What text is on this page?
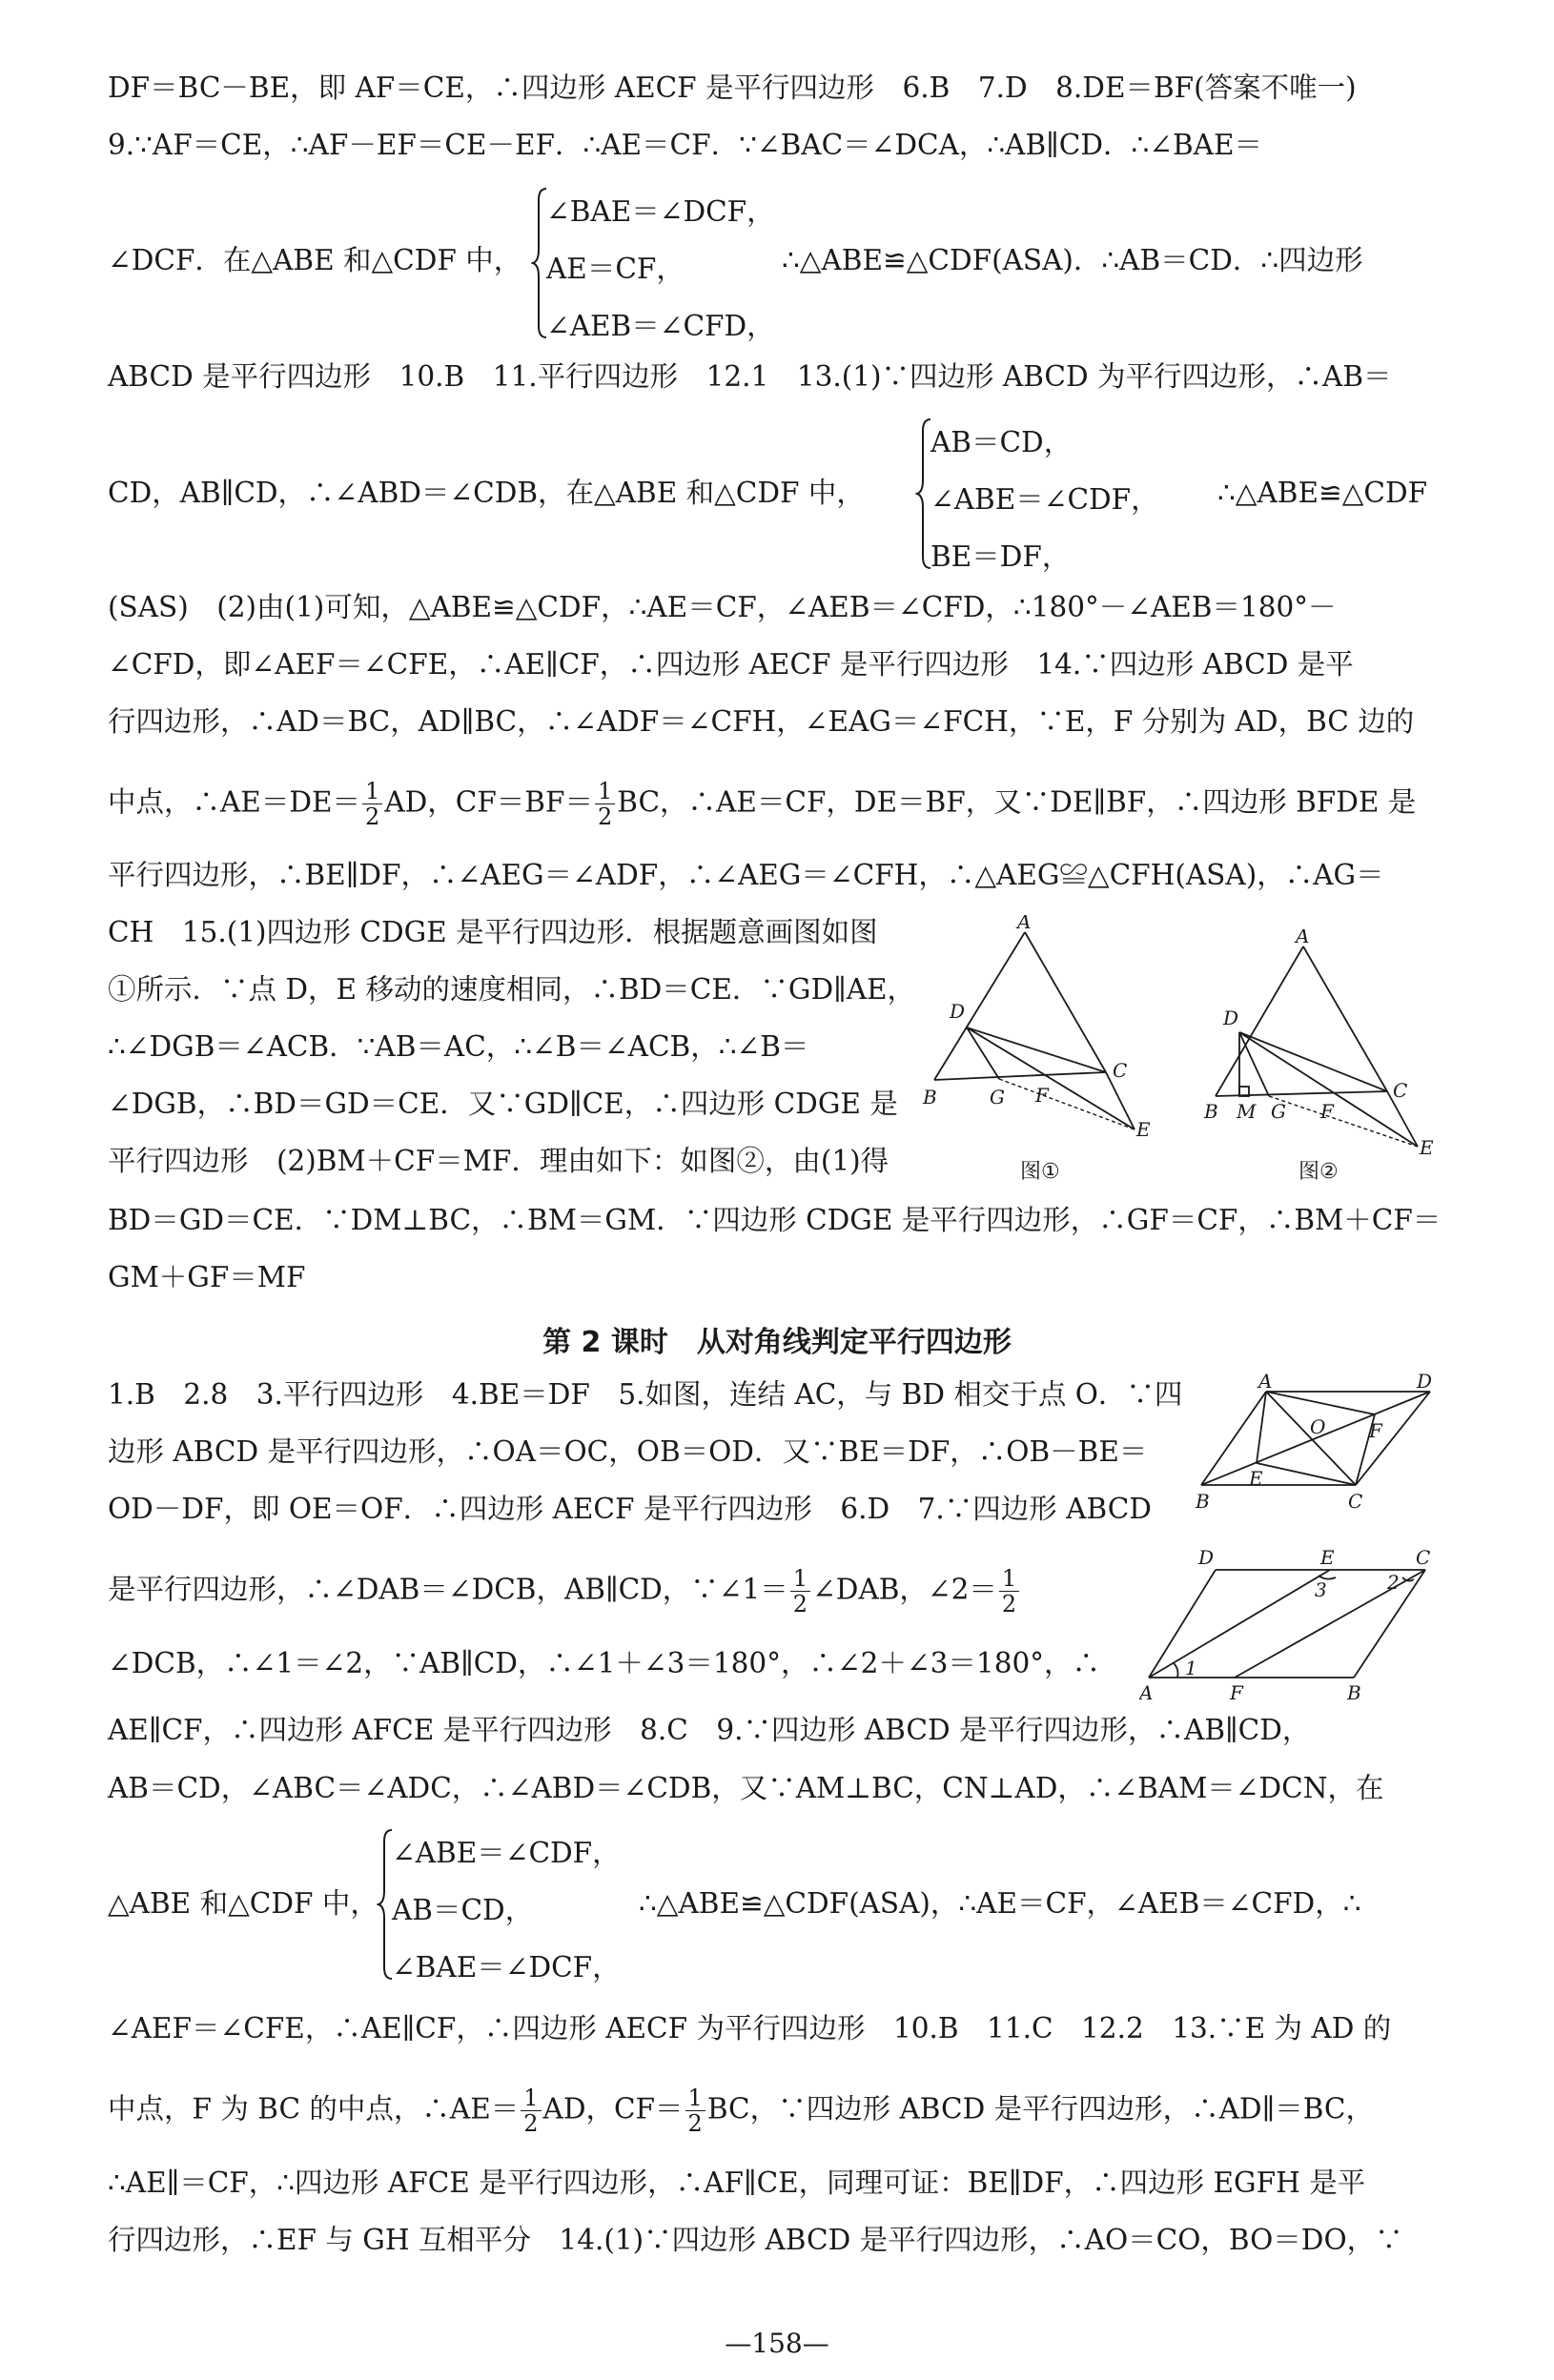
DF＝BC－BE，即 AF＝CE，∴四边形 AECF 是平行四边形　6.B　7.D　8.DE＝BF(答案不唯一)
9.∵AF＝CE，∴AF－EF＝CE－EF．∴AE＝CF．∵∠BAC＝∠DCA，∴AB∥CD．∴∠BAE＝
∠DCF．在△ABE 和△CDF 中，
∠BAE＝∠DCF，
AE＝CF，
∠AEB＝∠CFD，
∴△ABE≌△CDF(ASA)．∴AB＝CD．∴四边形
ABCD 是平行四边形　10.B　11.平行四边形　12.1　13.(1)∵四边形 ABCD 为平行四边形，∴AB＝
CD，AB∥CD，∴∠ABD＝∠CDB，在△ABE 和△CDF 中，
AB＝CD，
∠ABE＝∠CDF，
BE＝DF，
∴△ABE≌△CDF
(SAS)　(2)由(1)可知，△ABE≌△CDF，∴AE＝CF，∠AEB＝∠CFD，∴180°－∠AEB＝180°－
∠CFD，即∠AEF＝∠CFE，∴AE∥CF，∴四边形 AECF 是平行四边形　14.∵四边形 ABCD 是平
行四边形，∴AD＝BC，AD∥BC，∴∠ADF＝∠CFH，∠EAG＝∠FCH，∵E，F 分别为 AD，BC 边的
中点，∴AE＝DE＝ $\frac{1}{2}$ AD，$CF=BF= \frac{1}{2}$ BC，∴AE＝CF，DE＝BF，又∵DE∥BF，∴四边形 BFDE 是
平行四边形，∴BE∥DF，∴∠AEG＝∠ADF，∴∠AEG＝∠CFH，∴△AEG≌△CFH(ASA)，∴AG＝
CH　15.(1)四边形 CDGE 是平行四边形．根据题意画图如图
①所示．∵点 D，E 移动的速度相同，∴BD＝CE．∵GD∥AE，
∴∠DGB＝∠ACB．∵AB＝AC，∴∠B＝∠ACB，∴∠B＝
∠DGB，∴BD＝GD＝CE．又∵GD∥CE，∴四边形 CDGE 是
平行四边形　(2)BM＋CF＝MF．理由如下：如图②，由(1)得
BD＝GD＝CE．∵DM⊥BC，∴BM＝GM．∵四边形 CDGE 是平行四边形，∴GF＝CF，∴BM＋CF＝
GM＋GF＝MF
A
D
C
B	G F
E
图①
A
D
C
B M G F
E
图②
第 2 课时　从对角线判定平行四边形
1.B　2.8　3.平行四边形　4.BE＝DF　5.如图，连结 AC，与 BD 相交于点 O．∵四
边形 ABCD 是平行四边形，∴OA＝OC，OB＝OD．又∵BE＝DF，∴OB－BE＝
OD－DF，即 OE＝OF．∴四边形 AECF 是平行四边形　6.D　7.∵四边形 ABCD
A	D
O F
E
B	C
是平行四边形，∴∠DAB＝∠DCB，AB∥CD，∵∠1＝ $\frac{1}{2}$ ∠DAB，∠2＝ $\frac{1}{2}$
D	E	C
3	2
A	F	B
1
∠DCB，∴∠1＝∠2，∵AB∥CD，∴∠1＋∠3＝180°，∴∠2＋∠3＝180°，∴
AE∥CF，∴四边形 AFCE 是平行四边形　8.C　9.∵四边形 ABCD 是平行四边形，∴AB∥CD，
AB＝CD，∠ABC＝∠ADC，∴∠ABD＝∠CDB，又∵AM⊥BC，CN⊥AD，∴∠BAM＝∠DCN，在
△ABE 和△CDF 中，
∠ABE＝∠CDF，
AB＝CD，
∠BAE＝∠DCF，
∴△ABE≌△CDF(ASA)，∴AE＝CF，∠AEB＝∠CFD，∴
∠AEF＝∠CFE，∴AE∥CF，∴四边形 AECF 为平行四边形　10.B　11.C　12.2　13.∵E 为 AD 的
中点，F 为 BC 的中点，∴AE＝ $\frac{1}{2}$ AD，$CF= \frac{1}{2}$ BC，∵四边形 ABCD 是平行四边形，∴AD∥＝BC，
∴AE∥＝CF，∴四边形 AFCE 是平行四边形，∴AF∥CE，同理可证：BE∥DF，∴四边形 EGFH 是平
行四边形，∴EF 与 GH 互相平分　14.(1)∵四边形 ABCD 是平行四边形，∴AO＝CO，BO＝DO，∵
—158—
